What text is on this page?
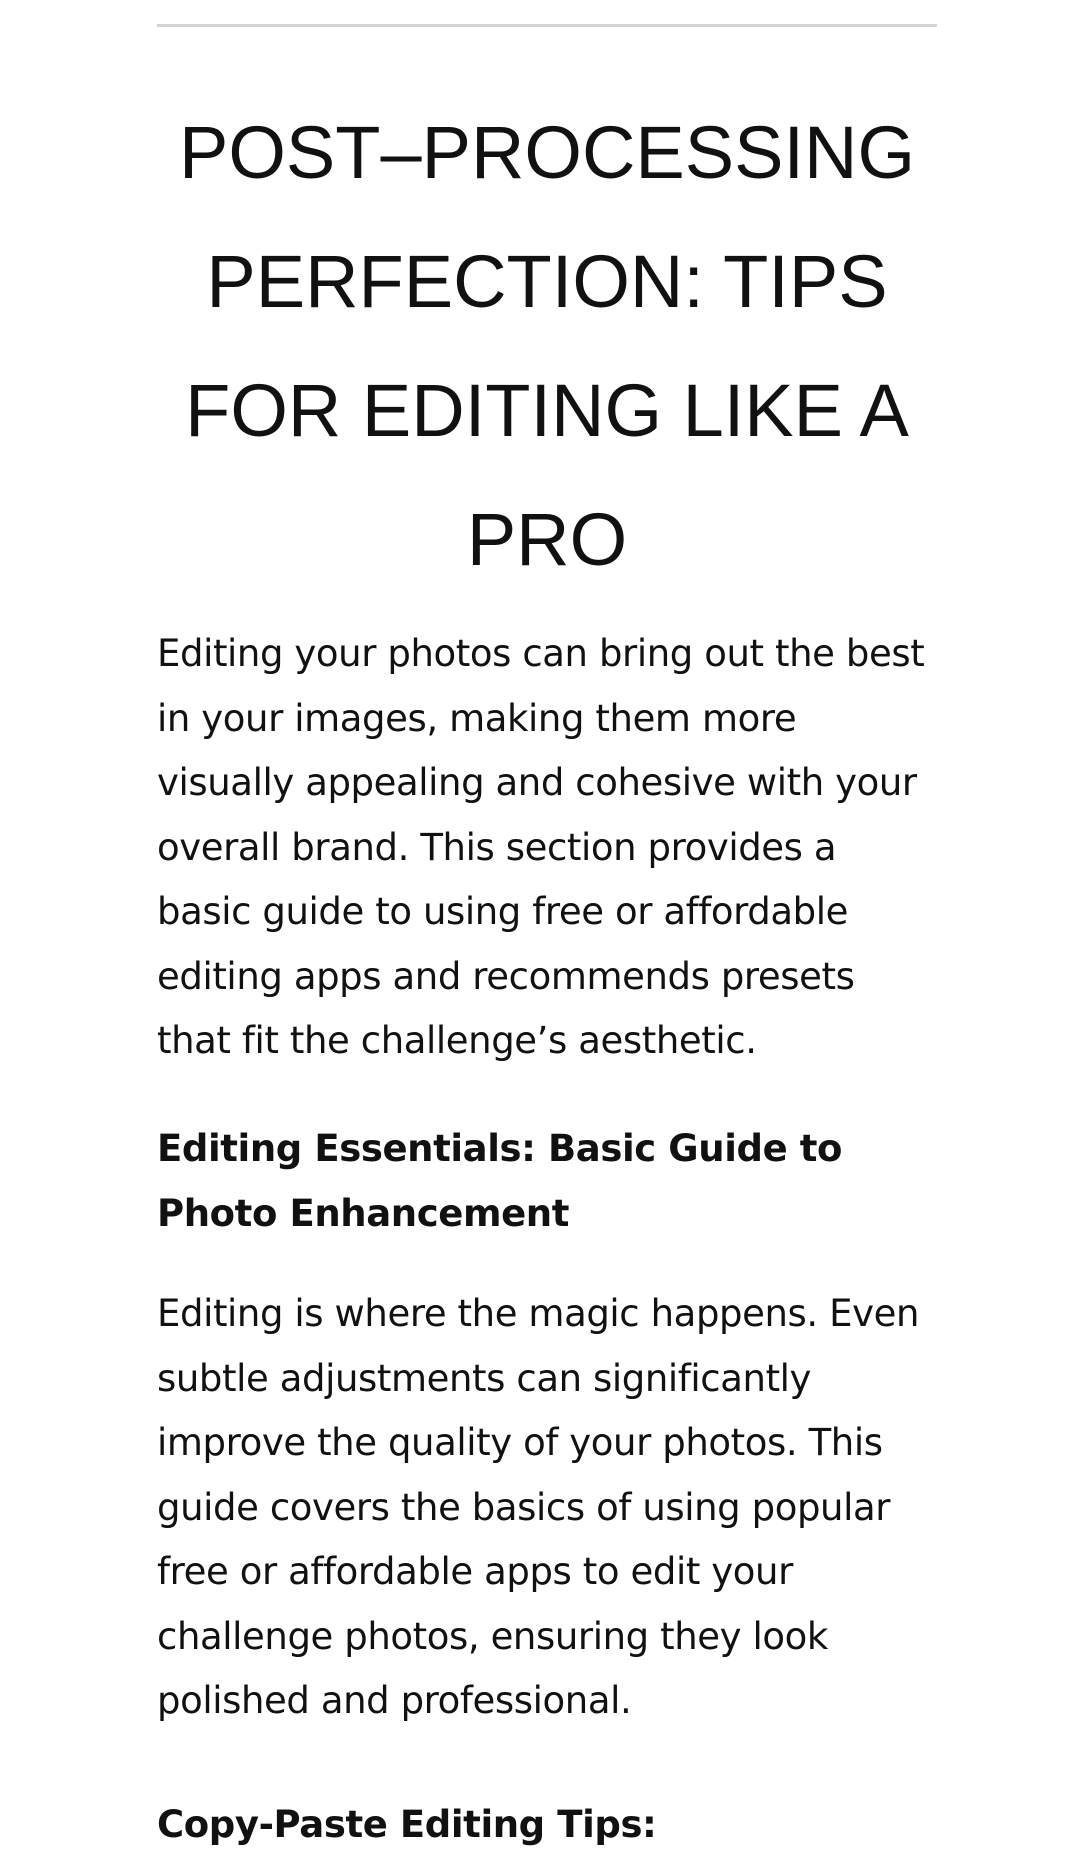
POST–PROCESSING PERFECTION: TIPS FOR EDITING LIKE A PRO

Editing your photos can bring out the best in your images, making them more visually appealing and cohesive with your overall brand. This section provides a basic guide to using free or affordable editing apps and recommends presets that fit the challenge’s aesthetic.

Editing Essentials: Basic Guide to Photo Enhancement

Editing is where the magic happens. Even subtle adjustments can significantly improve the quality of your photos. This guide covers the basics of using popular free or affordable apps to edit your challenge photos, ensuring they look polished and professional.

Copy-Paste Editing Tips:
